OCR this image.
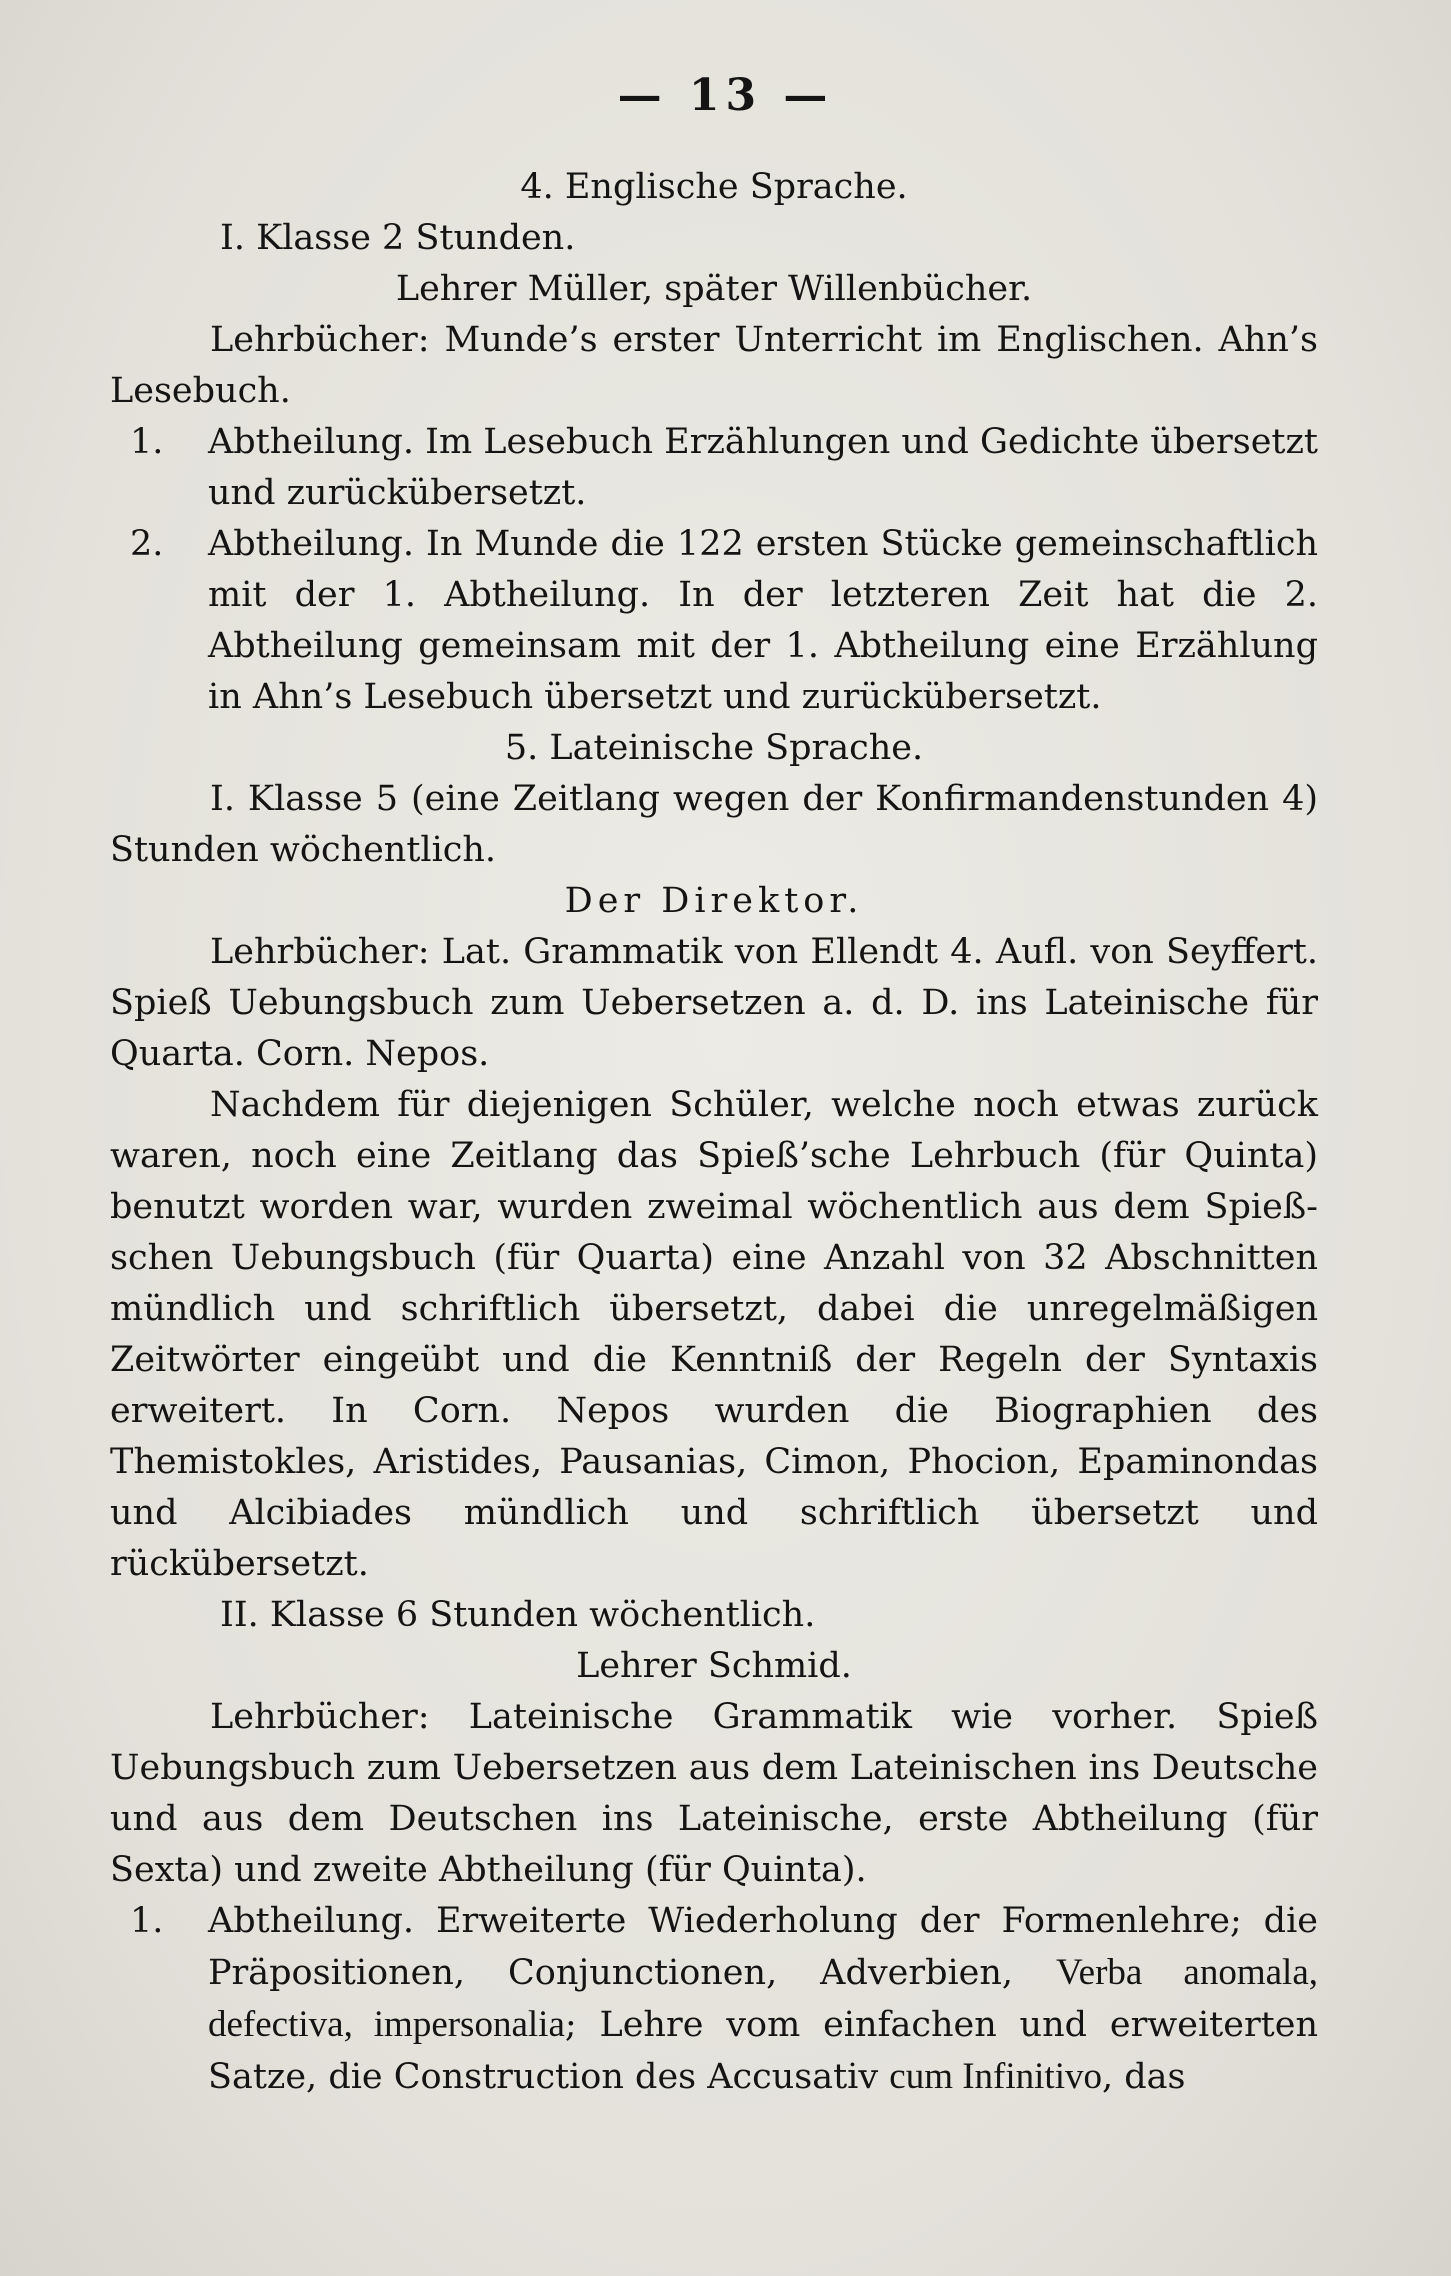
— 13 —

4. Englische Sprache.

I. Klasse 2 Stunden.

Lehrer Müller, später Willenbücher.

Lehrbücher: Munde’s erster Unterricht im Englischen. Ahn’s Lesebuch.

1. Abtheilung. Im Lesebuch Erzählungen und Gedichte übersetzt und zurückübersetzt.

2. Abtheilung. In Munde die 122 ersten Stücke gemeinschaftlich mit der 1. Abtheilung. In der letzteren Zeit hat die 2. Abtheilung gemeinsam mit der 1. Abtheilung eine Erzählung in Ahn’s Lesebuch übersetzt und zurückübersetzt.

5. Lateinische Sprache.

I. Klasse 5 (eine Zeitlang wegen der Konfirmandenstunden 4) Stunden wöchentlich.

Der Direktor.

Lehrbücher: Lat. Grammatik von Ellendt 4. Aufl. von Seyffert. Spieß Uebungsbuch zum Uebersetzen a. d. D. ins Lateinische für Quarta. Corn. Nepos.

Nachdem für diejenigen Schüler, welche noch etwas zurück waren, noch eine Zeitlang das Spieß’sche Lehrbuch (für Quinta) benutzt worden war, wurden zweimal wöchentlich aus dem Spieß-schen Uebungsbuch (für Quarta) eine Anzahl von 32 Abschnitten mündlich und schriftlich übersetzt, dabei die unregelmäßigen Zeitwörter eingeübt und die Kenntniß der Regeln der Syntaxis erweitert. In Corn. Nepos wurden die Biographien des Themistokles, Aristides, Pausanias, Cimon, Phocion, Epaminondas und Alcibiades mündlich und schriftlich übersetzt und rückübersetzt.

II. Klasse 6 Stunden wöchentlich.

Lehrer Schmid.

Lehrbücher: Lateinische Grammatik wie vorher. Spieß Uebungsbuch zum Uebersetzen aus dem Lateinischen ins Deutsche und aus dem Deutschen ins Lateinische, erste Abtheilung (für Sexta) und zweite Abtheilung (für Quinta).

1. Abtheilung. Erweiterte Wiederholung der Formenlehre; die Präpositionen, Conjunctionen, Adverbien, Verba anomala, defectiva, impersonalia; Lehre vom einfachen und erweiterten Satze, die Construction des Accusativ cum Infinitivo, das
